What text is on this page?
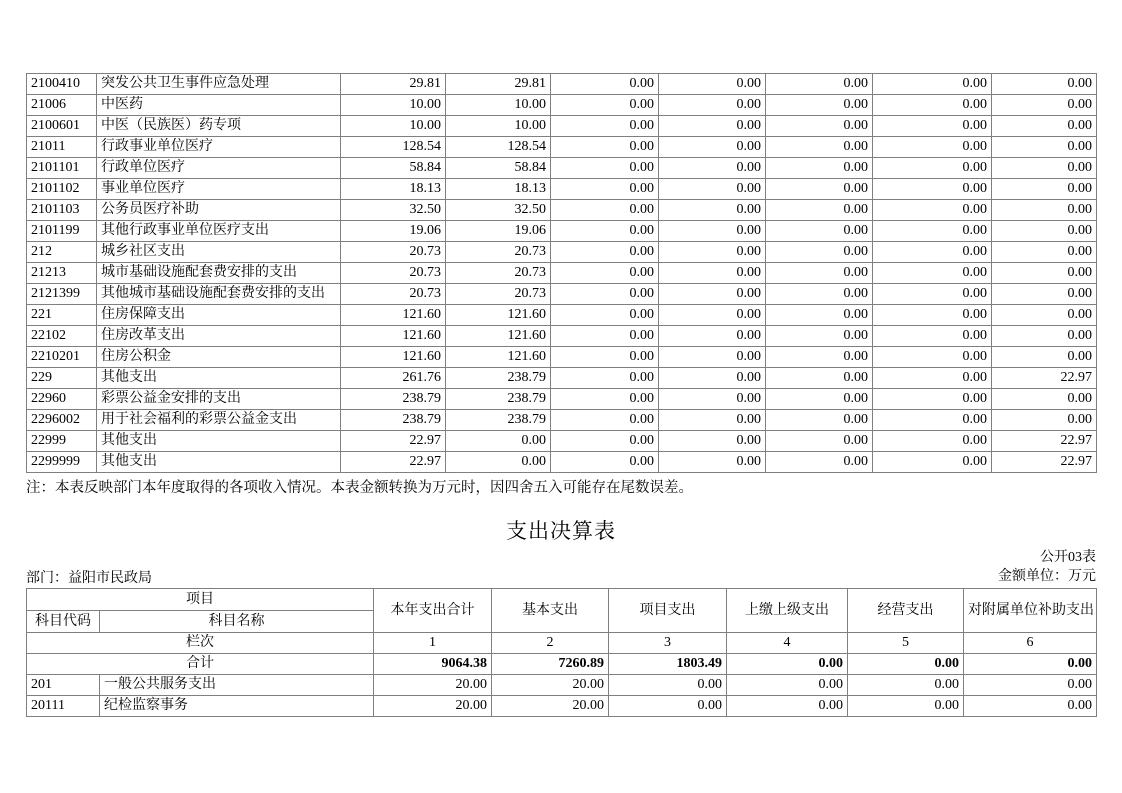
2100410	突发公共卫生事件应急处理	29.81	29.81	0.00	0.00	0.00	0.00	0.00
21006	中医药	10.00	10.00	0.00	0.00	0.00	0.00	0.00
2100601	中医（民族医）药专项	10.00	10.00	0.00	0.00	0.00	0.00	0.00
21011	行政事业单位医疗	128.54	128.54	0.00	0.00	0.00	0.00	0.00
2101101	行政单位医疗	58.84	58.84	0.00	0.00	0.00	0.00	0.00
2101102	事业单位医疗	18.13	18.13	0.00	0.00	0.00	0.00	0.00
2101103	公务员医疗补助	32.50	32.50	0.00	0.00	0.00	0.00	0.00
2101199	其他行政事业单位医疗支出	19.06	19.06	0.00	0.00	0.00	0.00	0.00
212	城乡社区支出	20.73	20.73	0.00	0.00	0.00	0.00	0.00
21213	城市基础设施配套费安排的支出	20.73	20.73	0.00	0.00	0.00	0.00	0.00
2121399	其他城市基础设施配套费安排的支出	20.73	20.73	0.00	0.00	0.00	0.00	0.00
221	住房保障支出	121.60	121.60	0.00	0.00	0.00	0.00	0.00
22102	住房改革支出	121.60	121.60	0.00	0.00	0.00	0.00	0.00
2210201	住房公积金	121.60	121.60	0.00	0.00	0.00	0.00	0.00
229	其他支出	261.76	238.79	0.00	0.00	0.00	0.00	22.97
22960	彩票公益金安排的支出	238.79	238.79	0.00	0.00	0.00	0.00	0.00
2296002	用于社会福利的彩票公益金支出	238.79	238.79	0.00	0.00	0.00	0.00	0.00
22999	其他支出	22.97	0.00	0.00	0.00	0.00	0.00	22.97
2299999	其他支出	22.97	0.00	0.00	0.00	0.00	0.00	22.97
注：本表反映部门本年度取得的各项收入情况。本表金额转换为万元时，因四舍五入可能存在尾数误差。
支出决算表
公开03表
部门：益阳市民政局	金额单位：万元
项目		本年支出合计	基本支出	项目支出	上缴上级支出	经营支出	对附属单位补助支出
科目代码	科目名称						
栏次		1	2	3	4	5	6
合计		9064.38	7260.89	1803.49	0.00	0.00	0.00
201	一般公共服务支出	20.00	20.00	0.00	0.00	0.00	0.00
20111	纪检监察事务	20.00	20.00	0.00	0.00	0.00	0.00
